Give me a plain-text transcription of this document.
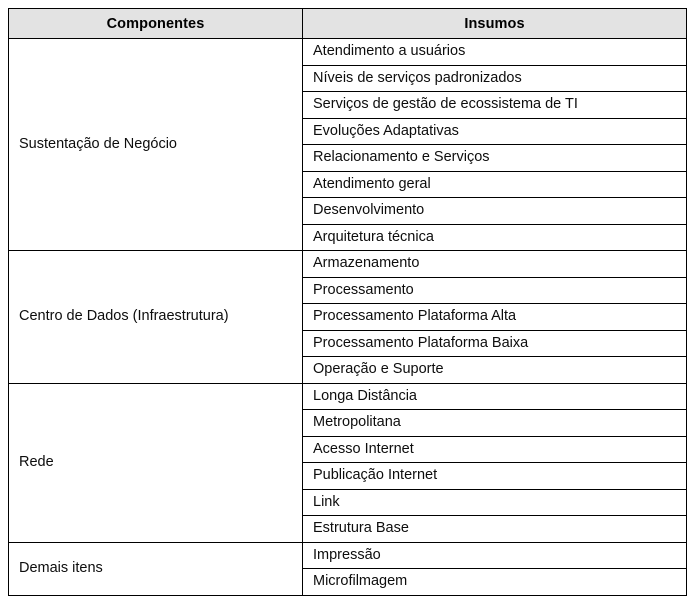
Componentes	Insumos
Sustentação de Negócio	Atendimento a usuários
	Níveis de serviços padronizados
	Serviços de gestão de ecossistema de TI
	Evoluções Adaptativas
	Relacionamento e Serviços
	Atendimento geral
	Desenvolvimento
	Arquitetura técnica
Centro de Dados (Infraestrutura)	Armazenamento
	Processamento
	Processamento Plataforma Alta
	Processamento Plataforma Baixa
	Operação e Suporte
Rede	Longa Distância
	Metropolitana
	Acesso Internet
	Publicação Internet
	Link
	Estrutura Base
Demais itens	Impressão
	Microfilmagem
